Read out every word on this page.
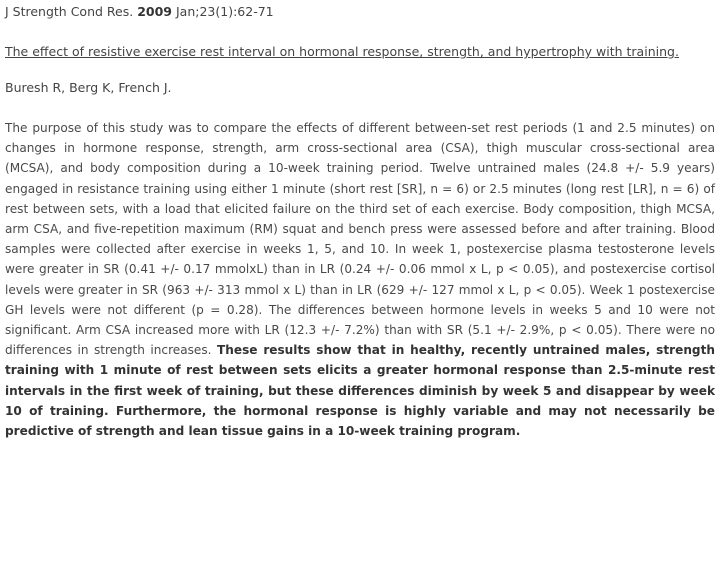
J Strength Cond Res. 2009 Jan;23(1):62-71
The effect of resistive exercise rest interval on hormonal response, strength, and hypertrophy with training.
Buresh R, Berg K, French J.
The purpose of this study was to compare the effects of different between-set rest periods (1 and 2.5 minutes) on changes in hormone response, strength, arm cross-sectional area (CSA), thigh muscular cross-sectional area (MCSA), and body composition during a 10-week training period. Twelve untrained males (24.8 +/- 5.9 years) engaged in resistance training using either 1 minute (short rest [SR], n = 6) or 2.5 minutes (long rest [LR], n = 6) of rest between sets, with a load that elicited failure on the third set of each exercise. Body composition, thigh MCSA, arm CSA, and five-repetition maximum (RM) squat and bench press were assessed before and after training. Blood samples were collected after exercise in weeks 1, 5, and 10. In week 1, postexercise plasma testosterone levels were greater in SR (0.41 +/- 0.17 mmolxL) than in LR (0.24 +/- 0.06 mmol x L, p < 0.05), and postexercise cortisol levels were greater in SR (963 +/- 313 mmol x L) than in LR (629 +/- 127 mmol x L, p < 0.05). Week 1 postexercise GH levels were not different (p = 0.28). The differences between hormone levels in weeks 5 and 10 were not significant. Arm CSA increased more with LR (12.3 +/- 7.2%) than with SR (5.1 +/- 2.9%, p < 0.05). There were no differences in strength increases. These results show that in healthy, recently untrained males, strength training with 1 minute of rest between sets elicits a greater hormonal response than 2.5-minute rest intervals in the first week of training, but these differences diminish by week 5 and disappear by week 10 of training. Furthermore, the hormonal response is highly variable and may not necessarily be predictive of strength and lean tissue gains in a 10-week training program.
